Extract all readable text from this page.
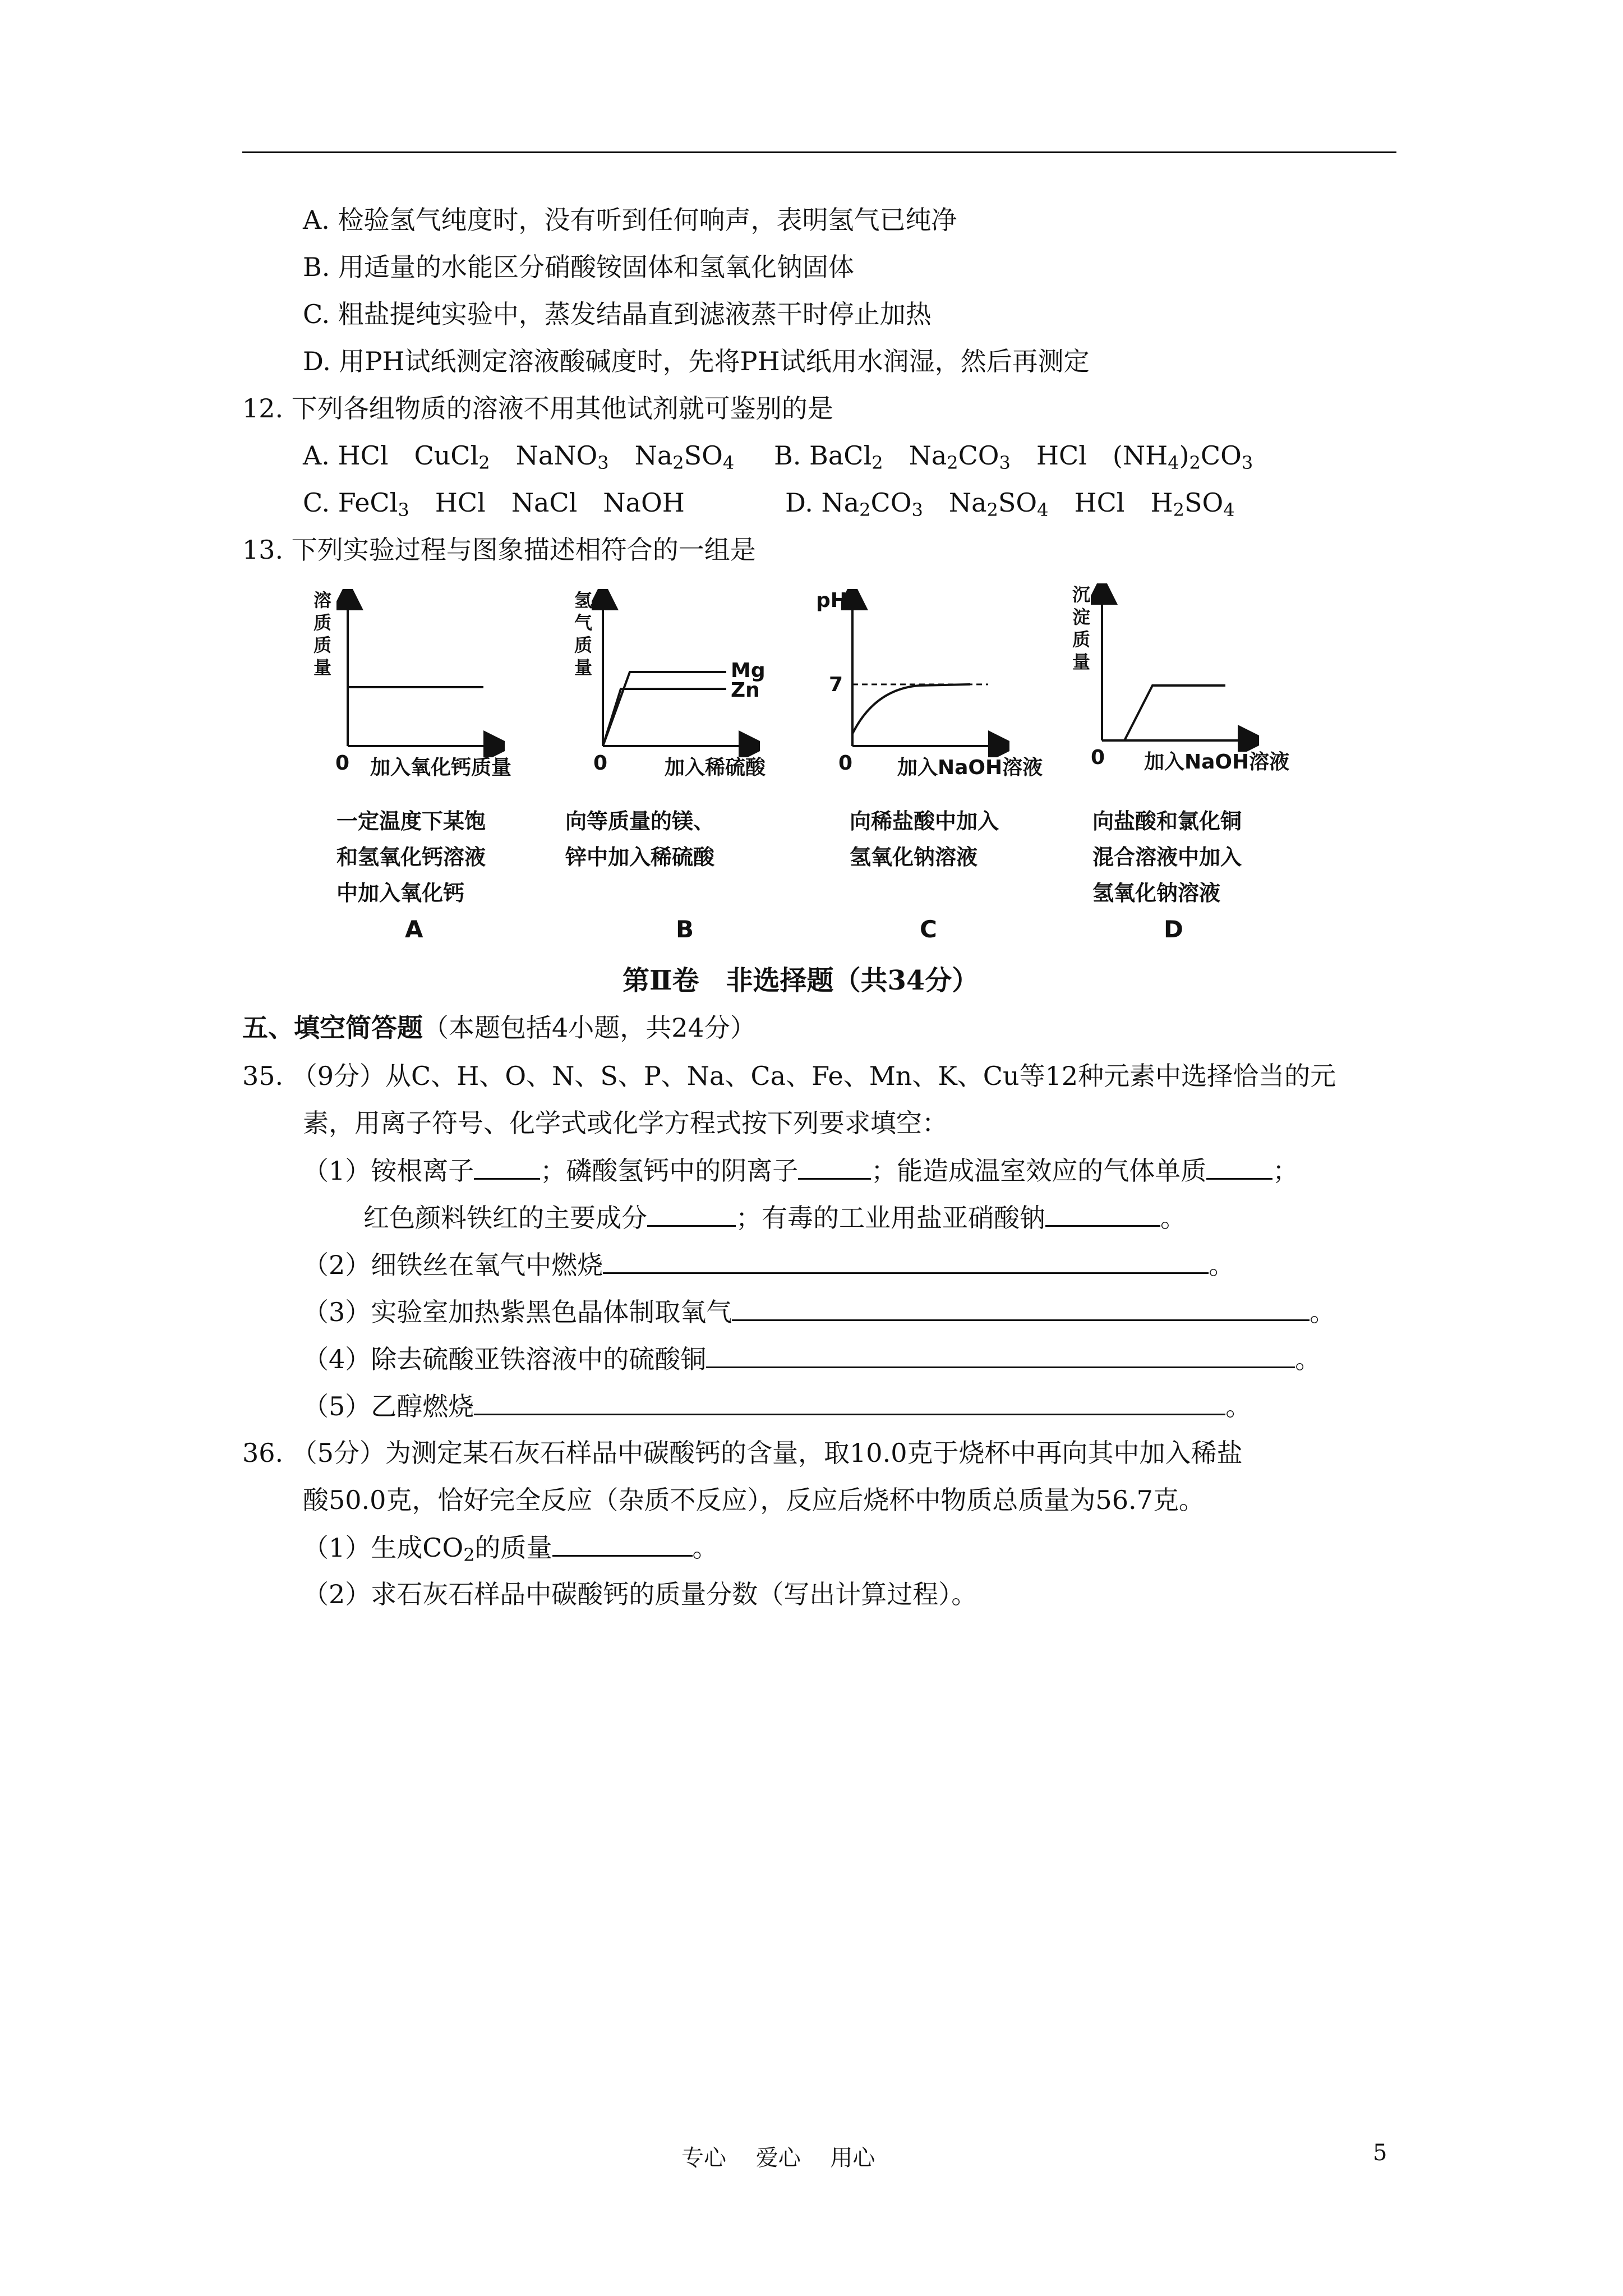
A. 检验氢气纯度时，没有听到任何响声，表明氢气已纯净
B. 用适量的水能区分硝酸铵固体和氢氧化钠固体
C. 粗盐提纯实验中，蒸发结晶直到滤液蒸干时停止加热
D. 用PH试纸测定溶液酸碱度时，先将PH试纸用水润湿，然后再测定
12. 下列各组物质的溶液不用其他试剂就可鉴别的是
A. HCl　CuCl$_2$　NaNO$_3$　$Na_2SO_4$ B. BaCl$_2$　$Na_2CO_3$　HCl　$(NH_4)_2CO_3$
C. FeCl$_3$　HCl　NaCl　NaOH	D. $Na_2CO_3$　$Na_2SO_4$　HCl　$H_2SO_4$
13. 下列实验过程与图象描述相符合的一组是
溶质质量
0 加入氧化钙质量
一定温度下某饱
和氢氧化钙溶液
中加入氧化钙
A
氢气质量	Mg
Zn
0	加入稀硫酸
向等质量的镁、
锌中加入稀硫酸
B
pH
7
0 加入NaOH溶液
向稀盐酸中加入
氢氧化钠溶液
C
沉淀质量
0 加入NaOH溶液
向盐酸和氯化铜
混合溶液中加入
氢氧化钠溶液
D
第Ⅱ卷　非选择题（共34分）
五、填空简答题（本题包括4小题，共24分）
35. （9分）从C、H、O、N、S、P、Na、Ca、Fe、Mn、K、Cu等12种元素中选择恰当的元
素，用离子符号、化学式或化学方程式按下列要求填空：
（1）铵根离子	；磷酸氢钙中的阴离子	；能造成温室效应的气体单质	；
红色颜料铁红的主要成分	；有毒的工业用盐亚硝酸钠	。
（2）细铁丝在氧气中燃烧	。
（3）实验室加热紫黑色晶体制取氧气	。
（4）除去硫酸亚铁溶液中的硫酸铜	。
（5）乙醇燃烧	。
36. （5分）为测定某石灰石样品中碳酸钙的含量，取10.0克于烧杯中再向其中加入稀盐
酸50.0克，恰好完全反应（杂质不反应），反应后烧杯中物质总质量为56.7克。
（1）生成$CO_2$的质量	。
（2）求石灰石样品中碳酸钙的质量分数（写出计算过程）。
专心　 爱心　 用心	5
